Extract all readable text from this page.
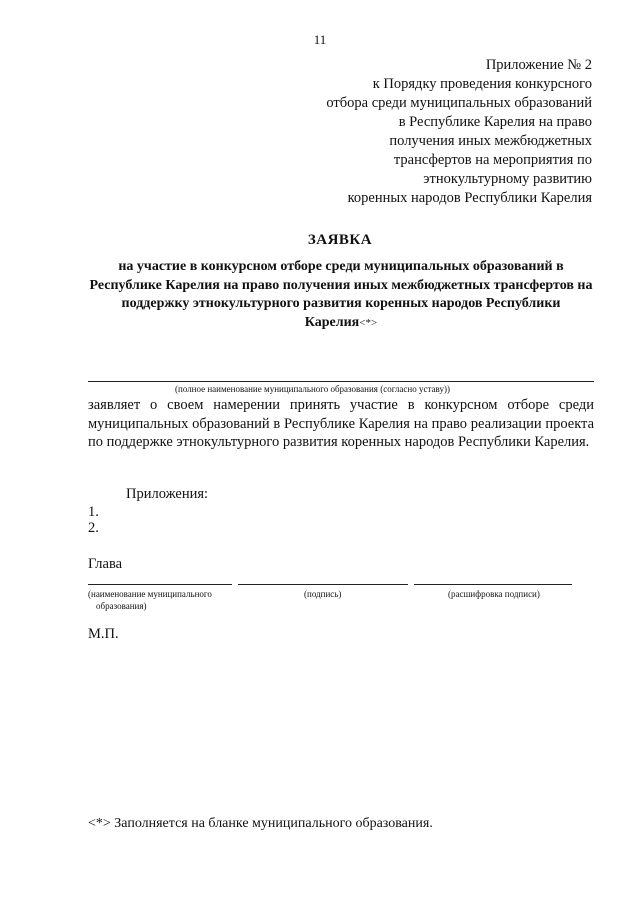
11
Приложение № 2
к Порядку проведения конкурсного
отбора среди муниципальных образований
в Республике Карелия на право
получения иных межбюджетных
трансфертов на мероприятия по
этнокультурному развитию
коренных народов Республики Карелия
ЗАЯВКА
на участие в конкурсном отборе среди муниципальных образований в Республике Карелия на право получения иных межбюджетных трансфертов на поддержку этнокультурного развития коренных народов Республики Карелия<*>
(полное наименование муниципального образования (согласно уставу))
заявляет о своем намерении принять участие в конкурсном отборе среди муниципальных образований в Республике Карелия на право реализации проекта по поддержке этнокультурного развития коренных народов Республики Карелия.
Приложения:
1.
2.
Глава
(наименование муниципального
образования)
(подпись)	(расшифровка подписи)
М.П.
<*> Заполняется на бланке муниципального образования.
